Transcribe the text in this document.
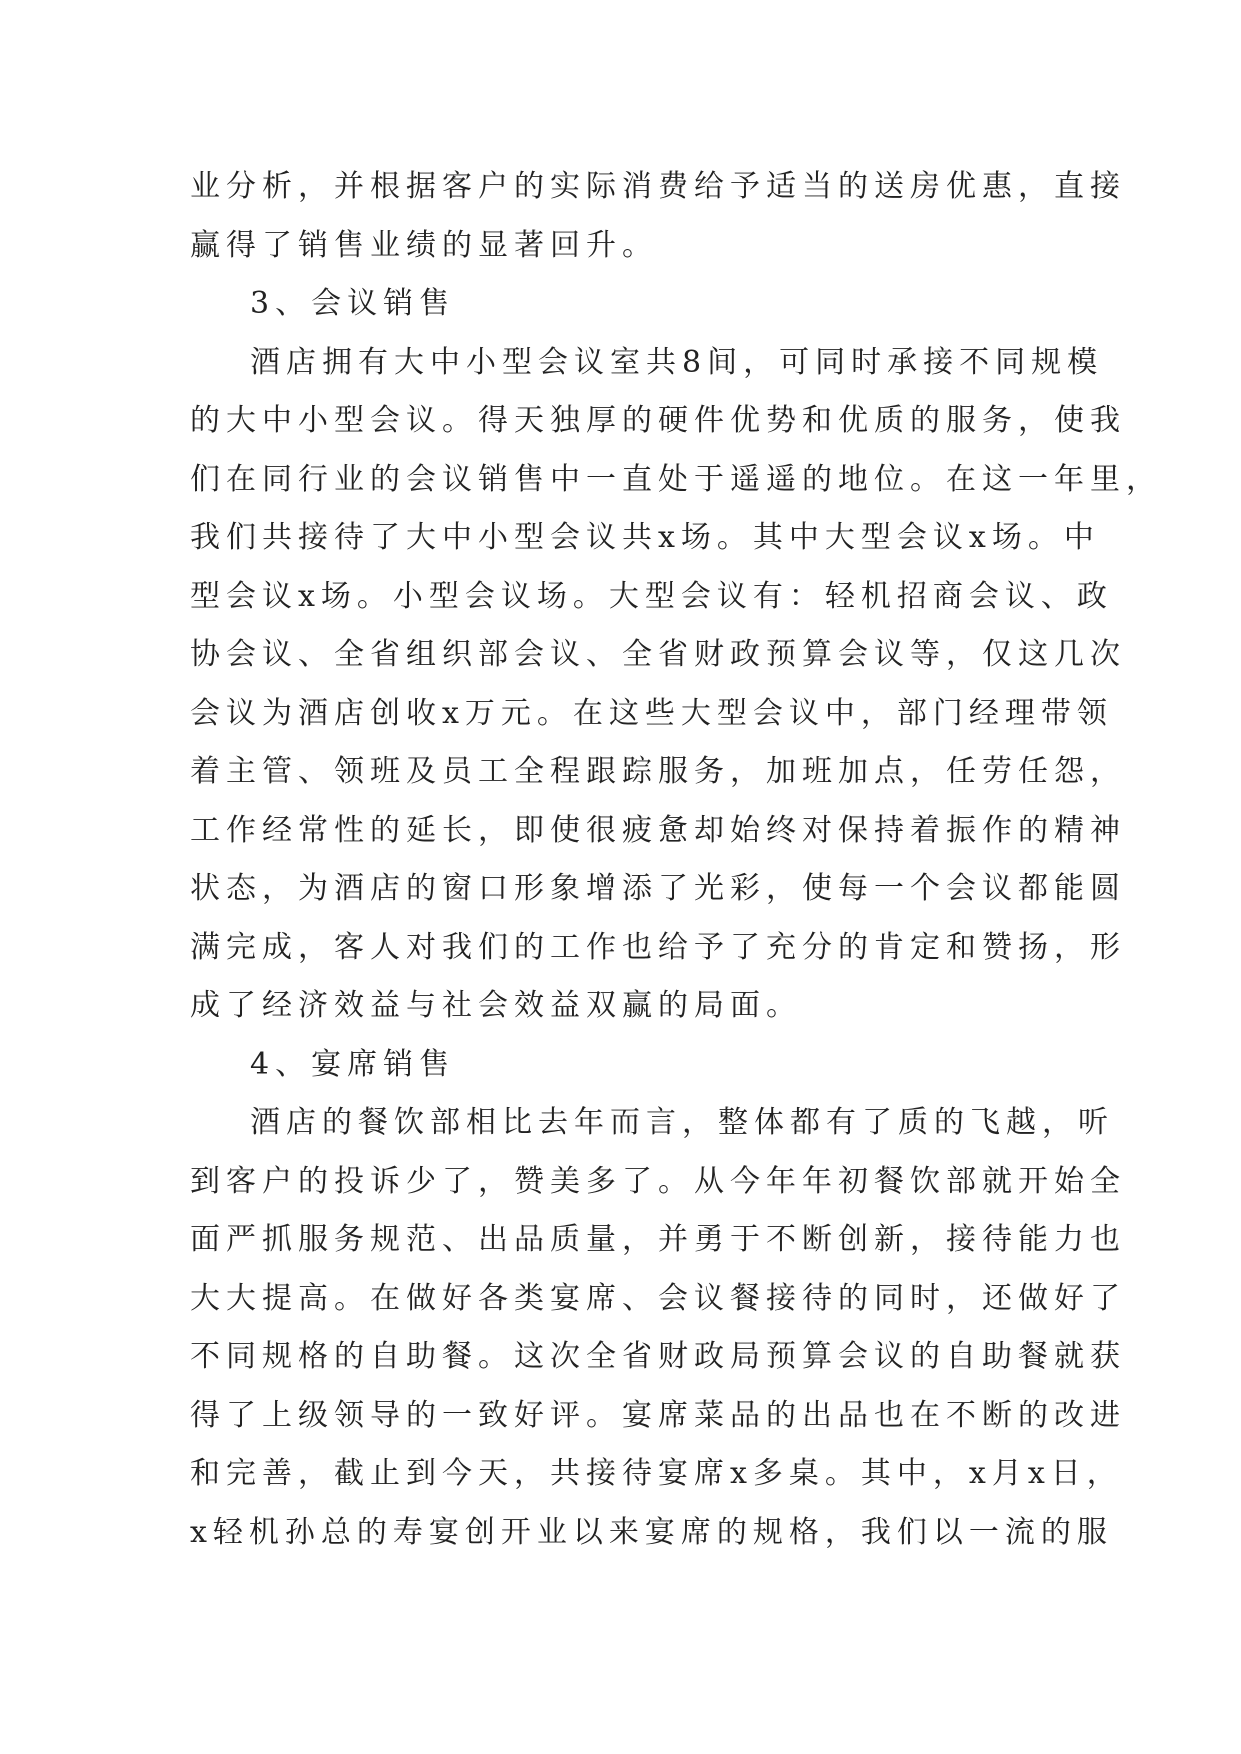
业分析，并根据客户的实际消费给予适当的送房优惠，直接
赢得了销售业绩的显著回升。
3、会议销售
酒店拥有大中小型会议室共8间，可同时承接不同规模
的大中小型会议。得天独厚的硬件优势和优质的服务，使我
们在同行业的会议销售中一直处于遥遥的地位。在这一年里，
我们共接待了大中小型会议共x场。其中大型会议x场。中
型会议x场。小型会议场。大型会议有：轻机招商会议、政
协会议、全省组织部会议、全省财政预算会议等，仅这几次
会议为酒店创收x万元。在这些大型会议中，部门经理带领
着主管、领班及员工全程跟踪服务，加班加点，任劳任怨，
工作经常性的延长，即使很疲惫却始终对保持着振作的精神
状态，为酒店的窗口形象增添了光彩，使每一个会议都能圆
满完成，客人对我们的工作也给予了充分的肯定和赞扬，形
成了经济效益与社会效益双赢的局面。
4、宴席销售
酒店的餐饮部相比去年而言，整体都有了质的飞越，听
到客户的投诉少了，赞美多了。从今年年初餐饮部就开始全
面严抓服务规范、出品质量，并勇于不断创新，接待能力也
大大提高。在做好各类宴席、会议餐接待的同时，还做好了
不同规格的自助餐。这次全省财政局预算会议的自助餐就获
得了上级领导的一致好评。宴席菜品的出品也在不断的改进
和完善，截止到今天，共接待宴席x多桌。其中，x月x日，
x轻机孙总的寿宴创开业以来宴席的规格，我们以一流的服
